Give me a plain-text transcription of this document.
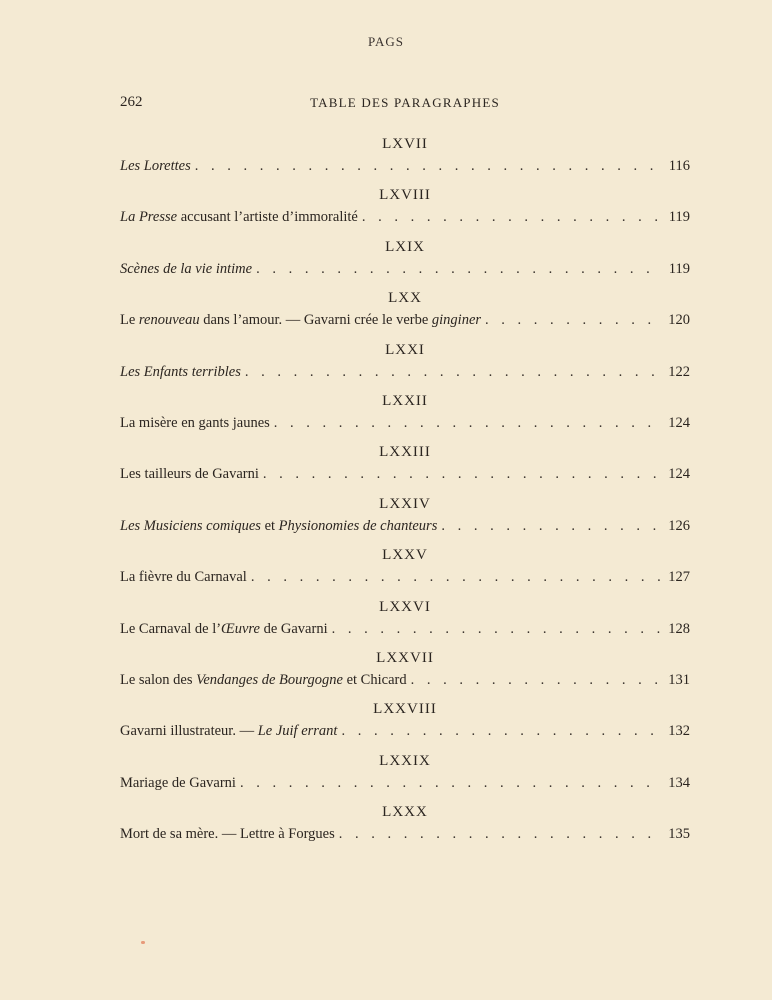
PAGS
262	TABLE DES PARAGRAPHES
LXVII
Les Lorettes . . .	116
LXVIII
La Presse accusant l’artiste d’immoralité . . .	119
LXIX
Scènes de la vie intime . . .	119
LXX
Le renouveau dans l’amour. — Gavarni crée le verbe ginginer . . .	120
LXXI
Les Enfants terribles . . .	122
LXXII
La misère en gants jaunes . . .	124
LXXIII
Les tailleurs de Gavarni . . .	124
LXXIV
Les Musiciens comiques et Physionomies de chanteurs . . .	126
LXXV
La fièvre du Carnaval . . .	127
LXXVI
Le Carnaval de l’Œuvre de Gavarni . . .	128
LXXVII
Le salon des Vendanges de Bourgogne et Chicard . . .	131
LXXVIII
Gavarni illustrateur. — Le Juif errant . . .	132
LXXIX
Mariage de Gavarni . . .	134
LXXX
Mort de sa mère. — Lettre à Forgues . . .	135
